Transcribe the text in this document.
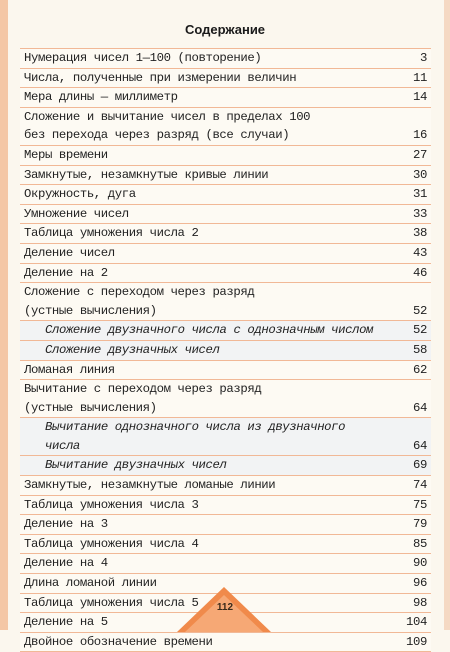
Содержание
Нумерация чисел 1—100 (повторение)	3
Числа, полученные при измерении величин	11
Мера длины — миллиметр	14
Сложение и вычитание чисел в пределах 100
без перехода через разряд (все случаи)	16
Меры времени	27
Замкнутые, незамкнутые кривые линии	30
Окружность, дуга	31
Умножение чисел	33
Таблица умножения числа 2	38
Деление чисел	43
Деление на 2	46
Сложение с переходом через разряд
(устные вычисления)	52
Сложение двузначного числа с однозначным числом	52
Сложение двузначных чисел	58
Ломаная линия	62
Вычитание с переходом через разряд
(устные вычисления)	64
Вычитание однозначного числа из двузначного
числа	64
Вычитание двузначных чисел	69
Замкнутые, незамкнутые ломаные линии	74
Таблица умножения числа 3	75
Деление на 3	79
Таблица умножения числа 4	85
Деление на 4	90
Длина ломаной линии	96
Таблица умножения числа 5	98
Деление на 5	104
Двойное обозначение времени	109
112
